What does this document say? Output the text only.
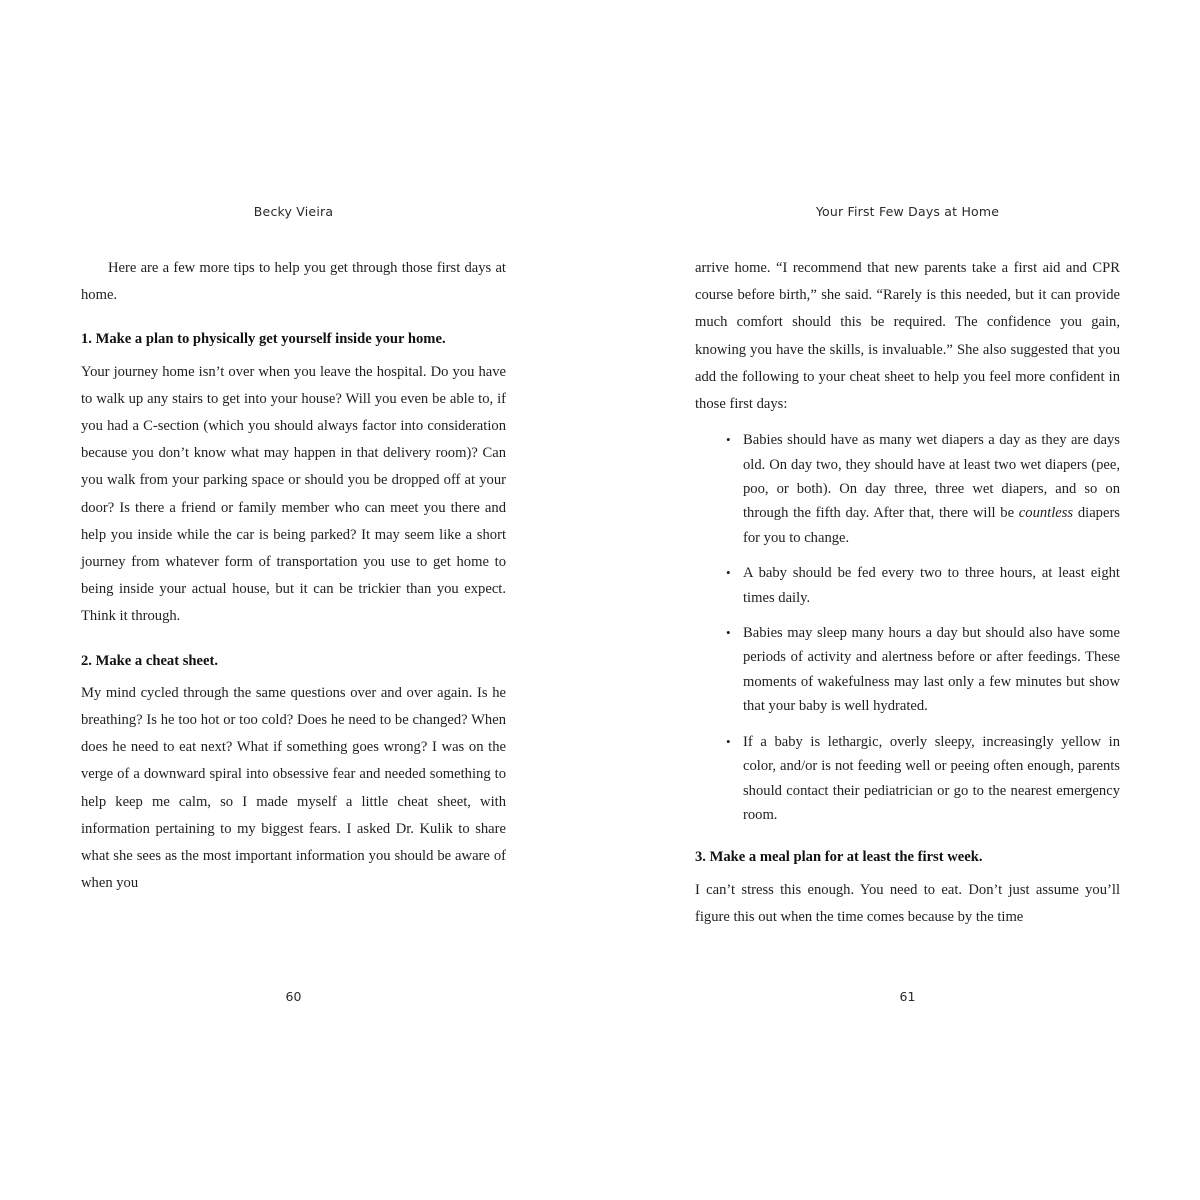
Becky Vieira

Here are a few more tips to help you get through those first days at home.

1. Make a plan to physically get yourself inside your home.

Your journey home isn’t over when you leave the hospital. Do you have to walk up any stairs to get into your house? Will you even be able to, if you had a C-section (which you should always factor into consideration because you don’t know what may happen in that delivery room)? Can you walk from your parking space or should you be dropped off at your door? Is there a friend or family member who can meet you there and help you inside while the car is being parked? It may seem like a short journey from whatever form of transportation you use to get home to being inside your actual house, but it can be trickier than you expect. Think it through.

2. Make a cheat sheet.

My mind cycled through the same questions over and over again. Is he breathing? Is he too hot or too cold? Does he need to be changed? When does he need to eat next? What if something goes wrong? I was on the verge of a downward spiral into obsessive fear and needed something to help keep me calm, so I made myself a little cheat sheet, with information pertaining to my biggest fears. I asked Dr. Kulik to share what she sees as the most important information you should be aware of when you

60
Your First Few Days at Home

arrive home. “I recommend that new parents take a first aid and CPR course before birth,” she said. “Rarely is this needed, but it can provide much comfort should this be required. The confidence you gain, knowing you have the skills, is invaluable.” She also suggested that you add the following to your cheat sheet to help you feel more confident in those first days:

• Babies should have as many wet diapers a day as they are days old. On day two, they should have at least two wet diapers (pee, poo, or both). On day three, three wet diapers, and so on through the fifth day. After that, there will be countless diapers for you to change.
• A baby should be fed every two to three hours, at least eight times daily.
• Babies may sleep many hours a day but should also have some periods of activity and alertness before or after feedings. These moments of wakefulness may last only a few minutes but show that your baby is well hydrated.
• If a baby is lethargic, overly sleepy, increasingly yellow in color, and/or is not feeding well or peeing often enough, parents should contact their pediatrician or go to the nearest emergency room.

3. Make a meal plan for at least the first week.

I can’t stress this enough. You need to eat. Don’t just assume you’ll figure this out when the time comes because by the time

61
